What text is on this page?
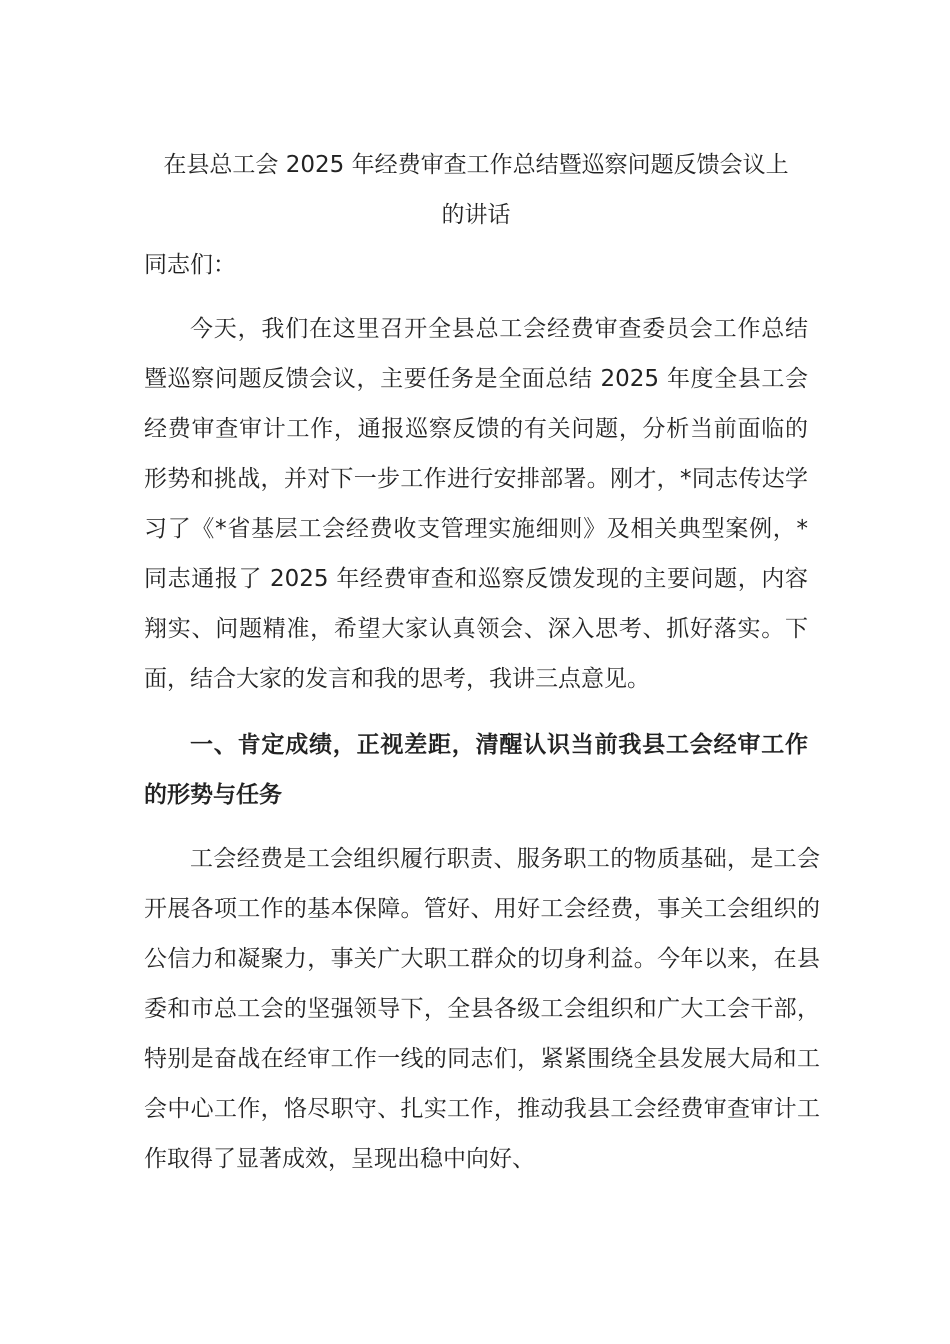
在县总工会 2025 年经费审查工作总结暨巡察问题反馈会议上
的讲话

同志们：

今天，我们在这里召开全县总工会经费审查委员会工作总结暨巡察问题反馈会议，主要任务是全面总结 2025 年度全县工会经费审查审计工作，通报巡察反馈的有关问题，分析当前面临的形势和挑战，并对下一步工作进行安排部署。刚才，*同志传达学习了《*省基层工会经费收支管理实施细则》及相关典型案例，*同志通报了 2025 年经费审查和巡察反馈发现的主要问题，内容翔实、问题精准，希望大家认真领会、深入思考、抓好落实。下面，结合大家的发言和我的思考，我讲三点意见。

一、肯定成绩，正视差距，清醒认识当前我县工会经审工作的形势与任务

工会经费是工会组织履行职责、服务职工的物质基础，是工会开展各项工作的基本保障。管好、用好工会经费，事关工会组织的公信力和凝聚力，事关广大职工群众的切身利益。今年以来，在县委和市总工会的坚强领导下，全县各级工会组织和广大工会干部，特别是奋战在经审工作一线的同志们，紧紧围绕全县发展大局和工会中心工作，恪尽职守、扎实工作，推动我县工会经费审查审计工作取得了显著成效，呈现出稳中向好、
